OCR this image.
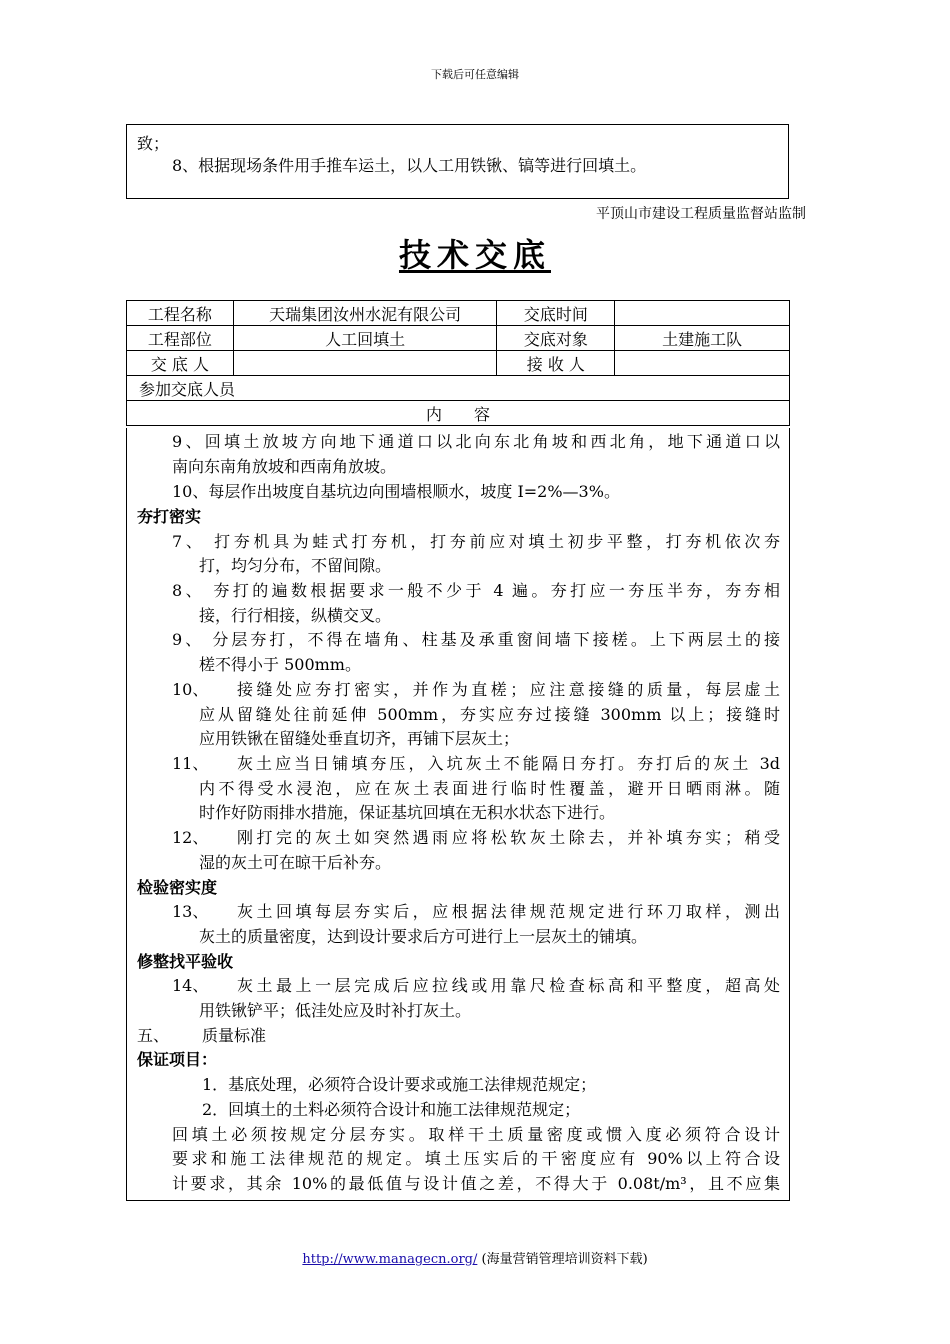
下载后可任意编辑
致；
8、根据现场条件用手推车运土，以人工用铁锹、镐等进行回填土。
平顶山市建设工程质量监督站监制
技术交底
工程名称	天瑞集团汝州水泥有限公司	交底时间	
工程部位	人工回填土	交底对象	土建施工队
交 底 人		接 收 人	
参加交底人员			
内　　容			
9、回填土放坡方向地下通道口以北向东北角坡和西北角，地下通道口以
南向东南角放坡和西南角放坡。
10、每层作出坡度自基坑边向围墙根顺水，坡度 I=2%—3%。
夯打密实
7、 打夯机具为蛙式打夯机，打夯前应对填土初步平整，打夯机依次夯
打，均匀分布，不留间隙。
8、 夯打的遍数根据要求一般不少于 4 遍。夯打应一夯压半夯，夯夯相
接，行行相接，纵横交叉。
9、 分层夯打，不得在墙角、柱基及承重窗间墙下接槎。上下两层土的接
槎不得小于 500mm。
10、 接缝处应夯打密实，并作为直槎；应注意接缝的质量，每层虚土
应从留缝处往前延伸 500mm，夯实应夯过接缝 300mm 以上；接缝时
应用铁锹在留缝处垂直切齐，再铺下层灰土；
11、 灰土应当日铺填夯压，入坑灰土不能隔日夯打。夯打后的灰土 3d
内不得受水浸泡，应在灰土表面进行临时性覆盖，避开日晒雨淋。随
时作好防雨排水措施，保证基坑回填在无积水状态下进行。
12、 刚打完的灰土如突然遇雨应将松软灰土除去，并补填夯实；稍受
湿的灰土可在晾干后补夯。
检验密实度
13、 灰土回填每层夯实后，应根据法律规范规定进行环刀取样，测出
灰土的质量密度，达到设计要求后方可进行上一层灰土的铺填。
修整找平验收
14、 灰土最上一层完成后应拉线或用靠尺检查标高和平整度，超高处
用铁锹铲平；低洼处应及时补打灰土。
五、 质量标准
保证项目：
1．基底处理，必须符合设计要求或施工法律规范规定；
2．回填土的土料必须符合设计和施工法律规范规定；
回填土必须按规定分层夯实。取样干土质量密度或惯入度必须符合设计
要求和施工法律规范的规定。填土压实后的干密度应有 90%以上符合设
计要求，其余 10%的最低值与设计值之差，不得大于 0.08t/m³，且不应集
http://www.managecn.org/ (海量营销管理培训资料下载)
